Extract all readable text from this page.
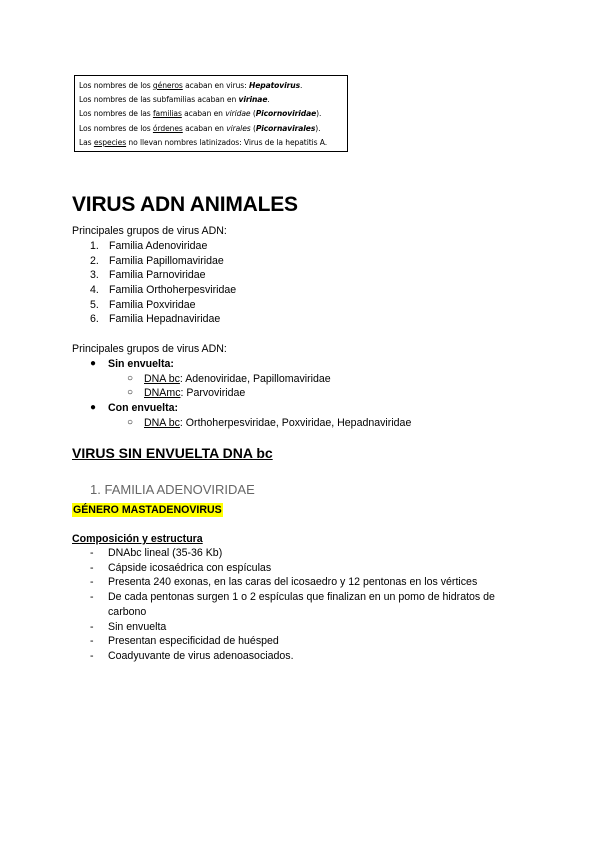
Los nombres de los géneros acaban en virus: Hepatovirus.
Los nombres de las subfamilias acaban en virinae.
Los nombres de las familias acaban en viridae (Picornoviridae).
Los nombres de los órdenes acaban en virales (Picornavirales).
Las especies no llevan nombres latinizados: Virus de la hepatitis A.
VIRUS ADN ANIMALES

Principales grupos de virus ADN:

1. Familia Adenoviridae
2. Familia Papillomaviridae
3. Familia Parnoviridae
4. Familia Orthoherpesviridae
5. Familia Poxviridae
6. Familia Hepadnaviridae

Principales grupos de virus ADN:

● Sin envuelta:
○ DNA bc: Adenoviridae, Papillomaviridae
○ DNAmc: Parvoviridae
● Con envuelta:
○ DNA bc: Orthoherpesviridae, Poxviridae, Hepadnaviridae
VIRUS SIN ENVUELTA DNA bc
1. FAMILIA ADENOVIRIDAE

GÉNERO MASTADENOVIRUS

Composición y estructura

- DNAbc lineal (35-36 Kb)
- Cápside icosaédrica con espículas
- Presenta 240 exonas, en las caras del icosaedro y 12 pentonas en los vértices
- De cada pentonas surgen 1 o 2 espículas que finalizan en un pomo de hidratos de carbono
- Sin envuelta
- Presentan especificidad de huésped
- Coadyuvante de virus adenoasociados.
